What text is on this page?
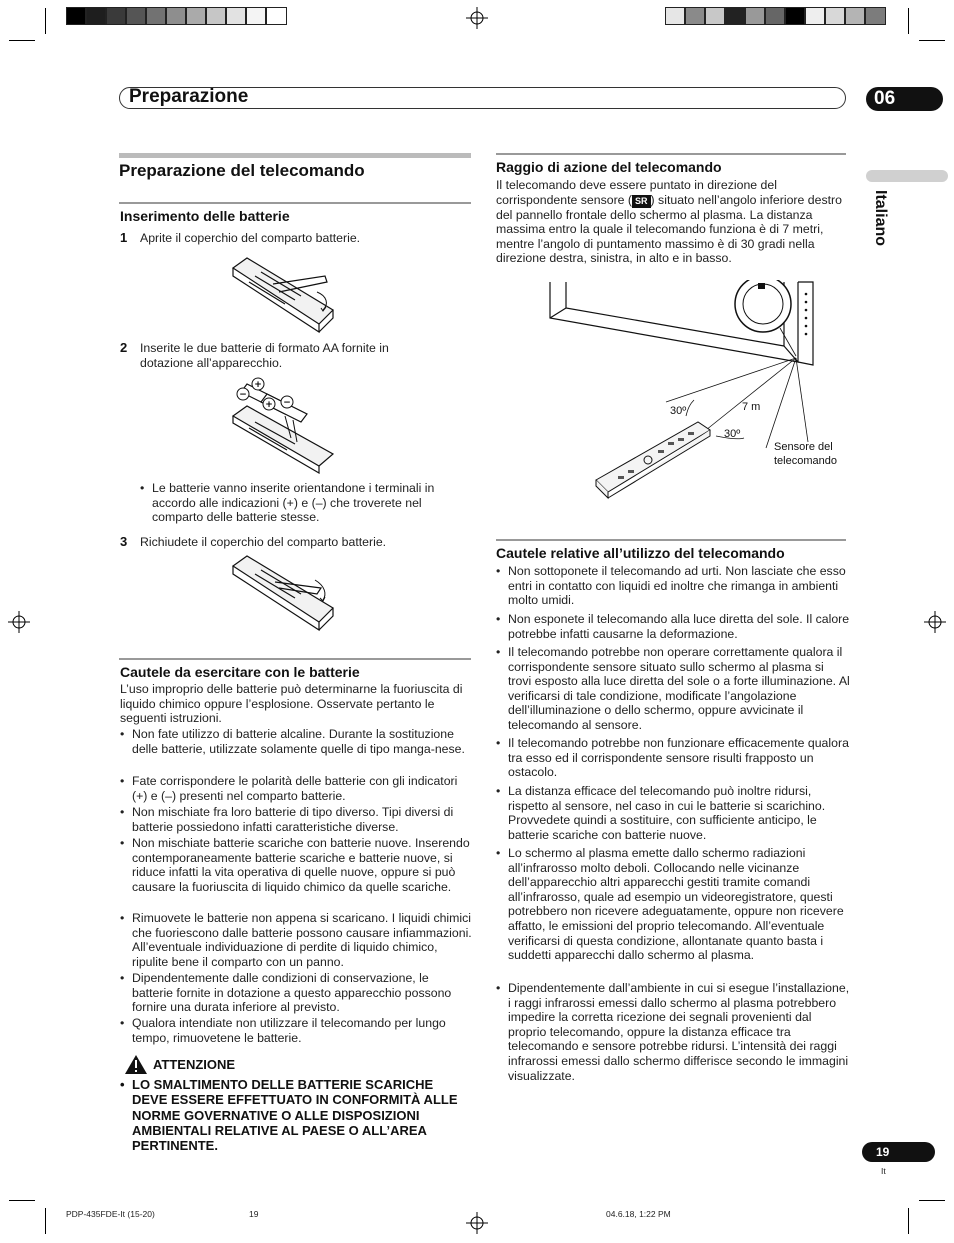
Preparazione	06
Italiano
Preparazione del telecomando
Inserimento delle batterie
1 Aprite il coperchio del comparto batterie.
2 Inserite le due batterie di formato AA fornite in dotazione all’apparecchio.
−
+
+ −
• Le batterie vanno inserite orientandone i terminali in accordo alle indicazioni (+) e (–) che troverete nel comparto delle batterie stesse.
3 Richiudete il coperchio del comparto batterie.
Cautele da esercitare con le batterie
L’uso improprio delle batterie può determinarne la fuoriuscita di liquido chimico oppure l’esplosione. Osservate pertanto le seguenti istruzioni.
• Non fate utilizzo di batterie alcaline. Durante la sostituzione delle batterie, utilizzate solamente quelle di tipo manga-nese.
• Fate corrispondere le polarità delle batterie con gli indicatori (+) e (–) presenti nel comparto batterie.
• Non mischiate fra loro batterie di tipo diverso. Tipi diversi di batterie possiedono infatti caratteristiche diverse.
• Non mischiate batterie scariche con batterie nuove. Inserendo contemporaneamente batterie scariche e batterie nuove, si riduce infatti la vita operativa di quelle nuove, oppure si può causare la fuoriuscita di liquido chimico da quelle scariche.
• Rimuovete le batterie non appena si scaricano. I liquidi chimici che fuoriescono dalle batterie possono causare infiammazioni. All’eventuale individuazione di perdite di liquido chimico, ripulite bene il comparto con un panno.
• Dipendentemente dalle condizioni di conservazione, le batterie fornite in dotazione a questo apparecchio possono fornire una durata inferiore al previsto.
• Qualora intendiate non utilizzare il telecomando per lungo tempo, rimuovetene le batterie.
ATTENZIONE
• LO SMALTIMENTO DELLE BATTERIE SCARICHE DEVE ESSERE EFFETTUATO IN CONFORMITÀ ALLE NORME GOVERNATIVE O ALLE DISPOSIZIONI AMBIENTALI RELATIVE AL PAESE O ALL’AREA PERTINENTE.
Raggio di azione del telecomando
Il telecomando deve essere puntato in direzione del corrispondente sensore ( SR ) situato nell’angolo inferiore destro del pannello frontale dello schermo al plasma. La distanza massima entro la quale il telecomando funziona è di 7 metri, mentre l’angolo di puntamento massimo è di 30 gradi nella direzione destra, sinistra, in alto e in basso.
30º	7 m
30º
Sensore del telecomando
Cautele relative all’utilizzo del telecomando
• Non sottoponete il telecomando ad urti. Non lasciate che esso entri in contatto con liquidi ed inoltre che rimanga in ambienti molto umidi.
• Non esponete il telecomando alla luce diretta del sole. Il calore potrebbe infatti causarne la deformazione.
• Il telecomando potrebbe non operare correttamente qualora il corrispondente sensore situato sullo schermo al plasma si trovi esposto alla luce diretta del sole o a forte illuminazione. Al verificarsi di tale condizione, modificate l’angolazione dell’illuminazione o dello schermo, oppure avvicinate il telecomando al sensore.
• Il telecomando potrebbe non funzionare efficacemente qualora tra esso ed il corrispondente sensore risulti frapposto un ostacolo.
• La distanza efficace del telecomando può inoltre ridursi, rispetto al sensore, nel caso in cui le batterie si scarichino. Provvedete quindi a sostituire, con sufficiente anticipo, le batterie scariche con batterie nuove.
• Lo schermo al plasma emette dallo schermo radiazioni all’infrarosso molto deboli. Collocando nelle vicinanze dell’apparecchio altri apparecchi gestiti tramite comandi all’infrarosso, quale ad esempio un videoregistratore, questi potrebbero non ricevere adeguatamente, oppure non ricevere affatto, le emissioni del proprio telecomando. All’eventuale verificarsi di questa condizione, allontanate quanto basta i suddetti apparecchi dallo schermo al plasma.
• Dipendentemente dall’ambiente in cui si esegue l’installazione, i raggi infrarossi emessi dallo schermo al plasma potrebbero impedire la corretta ricezione dei segnali provenienti dal proprio telecomando, oppure la distanza efficace tra telecomando e sensore potrebbe ridursi. L’intensità dei raggi infrarossi emessi dallo schermo differisce secondo le immagini visualizzate.
19
It
PDP-435FDE-It (15-20)	19	04.6.18, 1:22 PM
